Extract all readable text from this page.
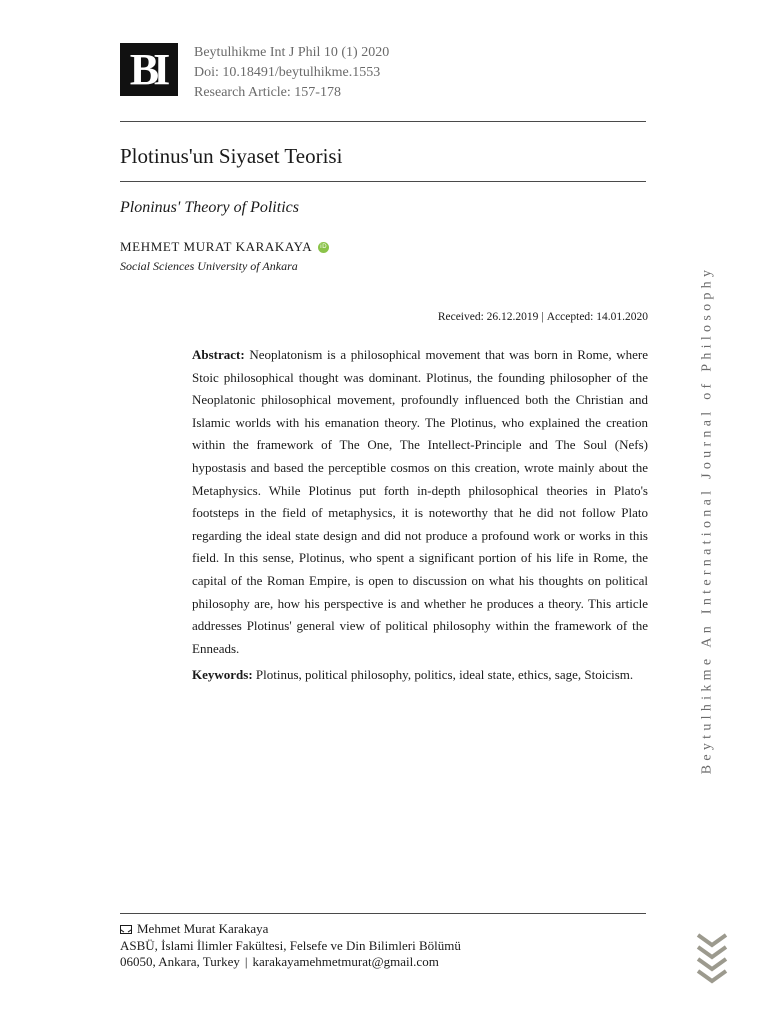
BI Beytulhikme Int J Phil 10 (1) 2020
Doi: 10.18491/beytulhikme.1553
Research Article: 157-178
Plotinus'un Siyaset Teorisi
Ploninus' Theory of Politics
MEHMET MURAT KARAKAYA	iD
Social Sciences University of Ankara
Received: 26.12.2019 | Accepted: 14.01.2020
Abstract: Neoplatonism is a philosophical movement that was born in Rome, where Stoic philosophical thought was dominant. Plotinus, the founding philosopher of the Neoplatonic philosophical movement, profoundly influenced both the Christian and Islamic worlds with his emanation theory. The Plotinus, who explained the creation within the framework of The One, The Intellect-Principle and The Soul (Nefs) hypostasis and based the perceptible cosmos on this creation, wrote mainly about the Metaphysics. While Plotinus put forth in-depth philosophical theories in Plato's footsteps in the field of metaphysics, it is noteworthy that he did not follow Plato regarding the ideal state design and did not produce a profound work or works in this field. In this sense, Plotinus, who spent a significant portion of his life in Rome, the capital of the Roman Empire, is open to discussion on what his thoughts on political philosophy are, how his perspective is and whether he produces a theory. This article addresses Plotinus' general view of political philosophy within the framework of the Enneads.
Keywords: Plotinus, political philosophy, politics, ideal state, ethics, sage, Stoicism.	Beytulhikme An International Journal of Philosophy
Mehmet Murat Karakaya
ASBÜ, İslami İlimler Fakültesi, Felsefe ve Din Bilimleri Bölümü
06050, Ankara, Turkey | karakayamehmetmurat@gmail.com
